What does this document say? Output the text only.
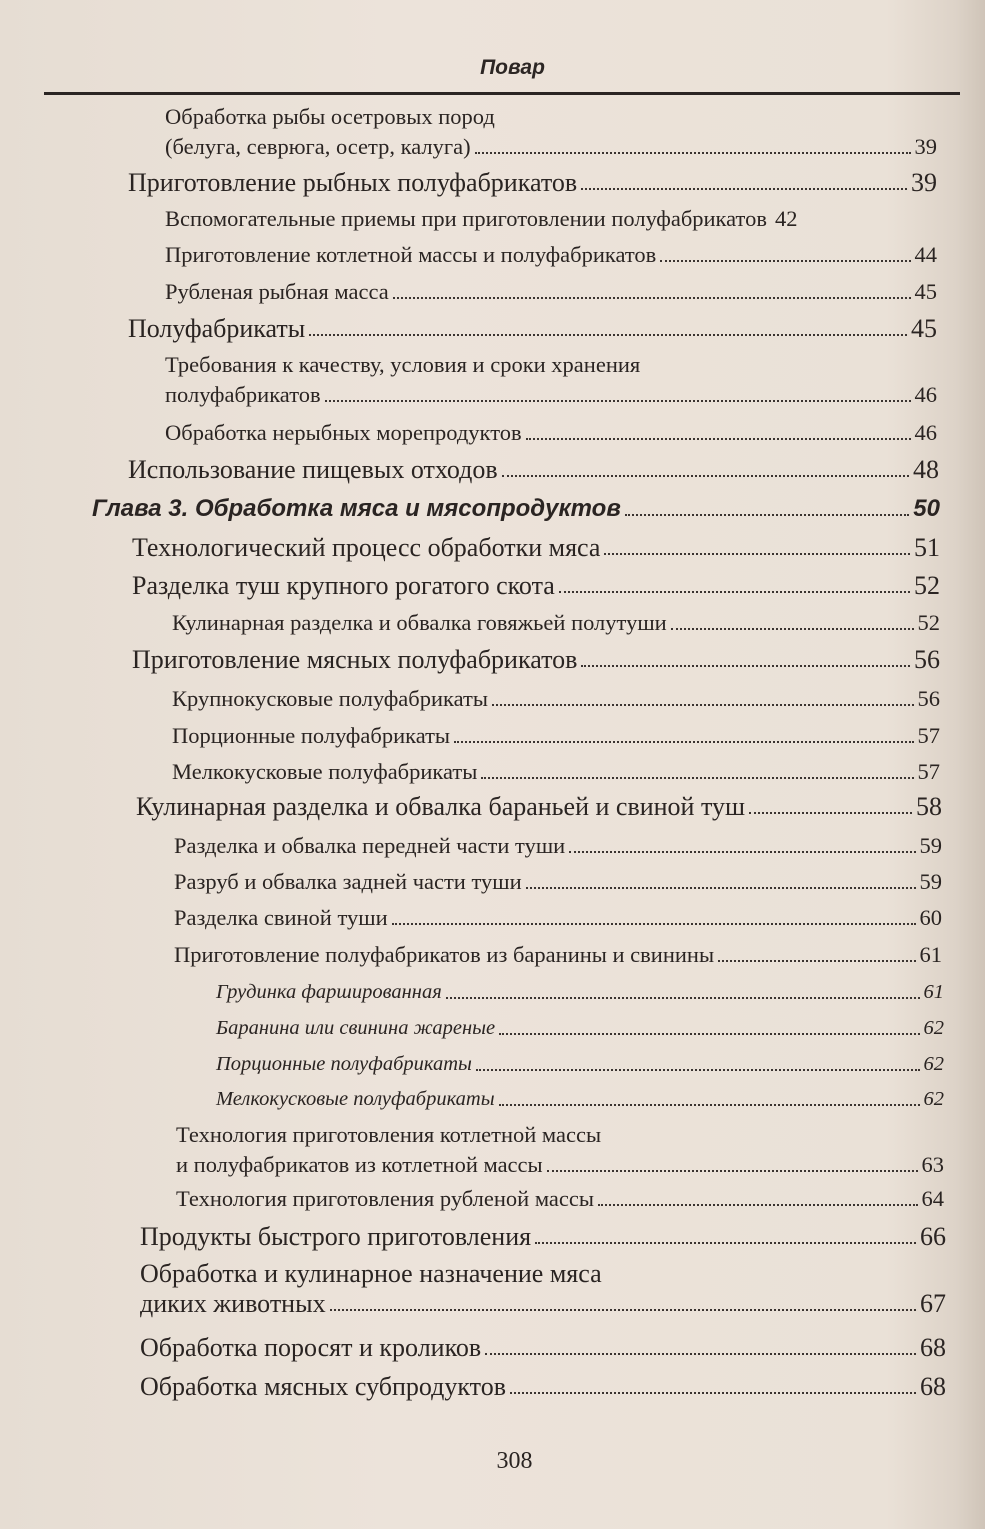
Повар
Обработка рыбы осетровых пород
(белуга, севрюга, осетр, калуга)	39
Приготовление рыбных полуфабрикатов	39
Вспомогательные приемы при приготовлении полуфабрикатов 42
Приготовление котлетной массы и полуфабрикатов	44
Рубленая рыбная масса	45
Полуфабрикаты	45
Требования к качеству, условия и сроки хранения
полуфабрикатов	46
Обработка нерыбных морепродуктов	46
Использование пищевых отходов	48
Глава 3. Обработка мяса и мясопродуктов	50
Технологический процесс обработки мяса	51
Разделка туш крупного рогатого скота	52
Кулинарная разделка и обвалка говяжьей полутуши	52
Приготовление мясных полуфабрикатов	56
Крупнокусковые полуфабрикаты	56
Порционные полуфабрикаты	57
Мелкокусковые полуфабрикаты	57
Кулинарная разделка и обвалка бараньей и свиной туш	58
Разделка и обвалка передней части туши	59
Разруб и обвалка задней части туши	59
Разделка свиной туши	60
Приготовление полуфабрикатов из баранины и свинины	61
Грудинка фаршированная	61
Баранина или свинина жареные	62
Порционные полуфабрикаты	62
Мелкокусковые полуфабрикаты	62
Технология приготовления котлетной массы
и полуфабрикатов из котлетной массы	63
Технология приготовления рубленой массы	64
Продукты быстрого приготовления	66
Обработка и кулинарное назначение мяса
диких животных	67
Обработка поросят и кроликов	68
Обработка мясных субпродуктов	68
308
